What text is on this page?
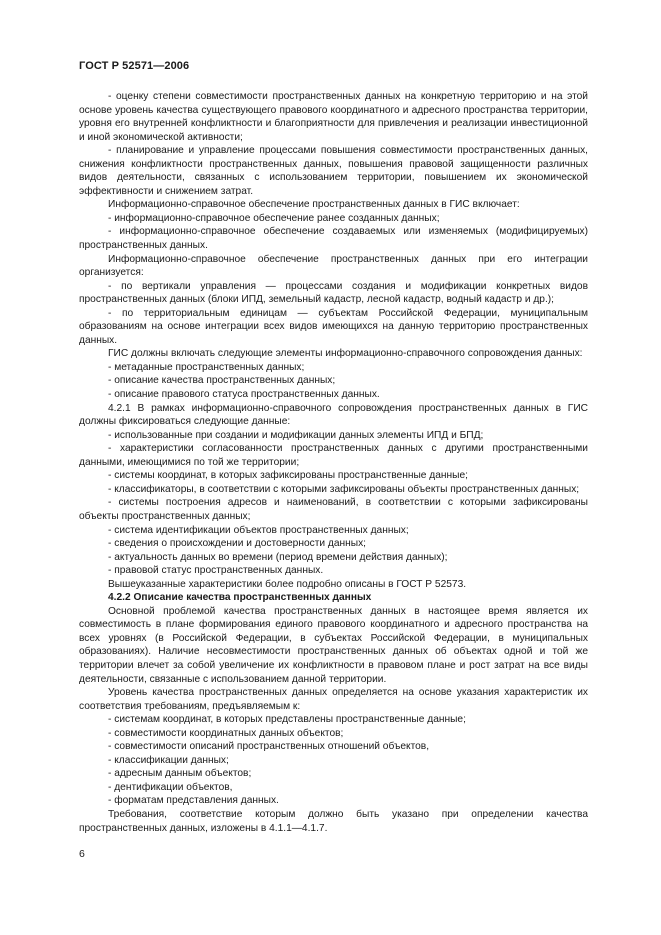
ГОСТ Р 52571—2006

- оценку степени совместимости пространственных данных на конкретную территорию и на этой основе уровень качества существующего правового координатного и адресного пространства территории, уровня его внутренней конфликтности и благоприятности для привлечения и реализации инвестиционной и иной экономической активности;

- планирование и управление процессами повышения совместимости пространственных данных, снижения конфликтности пространственных данных, повышения правовой защищенности различных видов деятельности, связанных с использованием территории, повышением их экономической эффективности и снижением затрат.

Информационно-справочное обеспечение пространственных данных в ГИС включает:

- информационно-справочное обеспечение ранее созданных данных;

- информационно-справочное обеспечение создаваемых или изменяемых (модифицируемых) пространственных данных.

Информационно-справочное обеспечение пространственных данных при его интеграции организуется:

- по вертикали управления — процессами создания и модификации конкретных видов пространственных данных (блоки ИПД, земельный кадастр, лесной кадастр, водный кадастр и др.);

- по территориальным единицам — субъектам Российской Федерации, муниципальным образованиям на основе интеграции всех видов имеющихся на данную территорию пространственных данных.

ГИС должны включать следующие элементы информационно-справочного сопровождения данных:

- метаданные пространственных данных;

- описание качества пространственных данных;

- описание правового статуса пространственных данных.

4.2.1 В рамках информационно-справочного сопровождения пространственных данных в ГИС должны фиксироваться следующие данные:

- использованные при создании и модификации данных элементы ИПД и БПД;

- характеристики согласованности пространственных данных с другими пространственными данными, имеющимися по той же территории;

- системы координат, в которых зафиксированы пространственные данные;

- классификаторы, в соответствии с которыми зафиксированы объекты пространственных данных;

- системы построения адресов и наименований, в соответствии с которыми зафиксированы объекты пространственных данных;

- система идентификации объектов пространственных данных;

- сведения о происхождении и достоверности данных;

- актуальность данных во времени (период времени действия данных);

- правовой статус пространственных данных.

Вышеуказанные характеристики более подробно описаны в ГОСТ Р 52573.

4.2.2 Описание качества пространственных данных

Основной проблемой качества пространственных данных в настоящее время является их совместимость в плане формирования единого правового координатного и адресного пространства на всех уровнях (в Российской Федерации, в субъектах Российской Федерации, в муниципальных образованиях). Наличие несовместимости пространственных данных об объектах одной и той же территории влечет за собой увеличение их конфликтности в правовом плане и рост затрат на все виды деятельности, связанные с использованием данной территории.

Уровень качества пространственных данных определяется на основе указания характеристик их соответствия требованиям, предъявляемым к:

- системам координат, в которых представлены пространственные данные;

- совместимости координатных данных объектов;

- совместимости описаний пространственных отношений объектов,

- классификации данных;

- адресным данным объектов;

- дентификации объектов,

- форматам представления данных.

Требования, соответствие которым должно быть указано при определении качества пространственных данных, изложены в 4.1.1—4.1.7.

6
